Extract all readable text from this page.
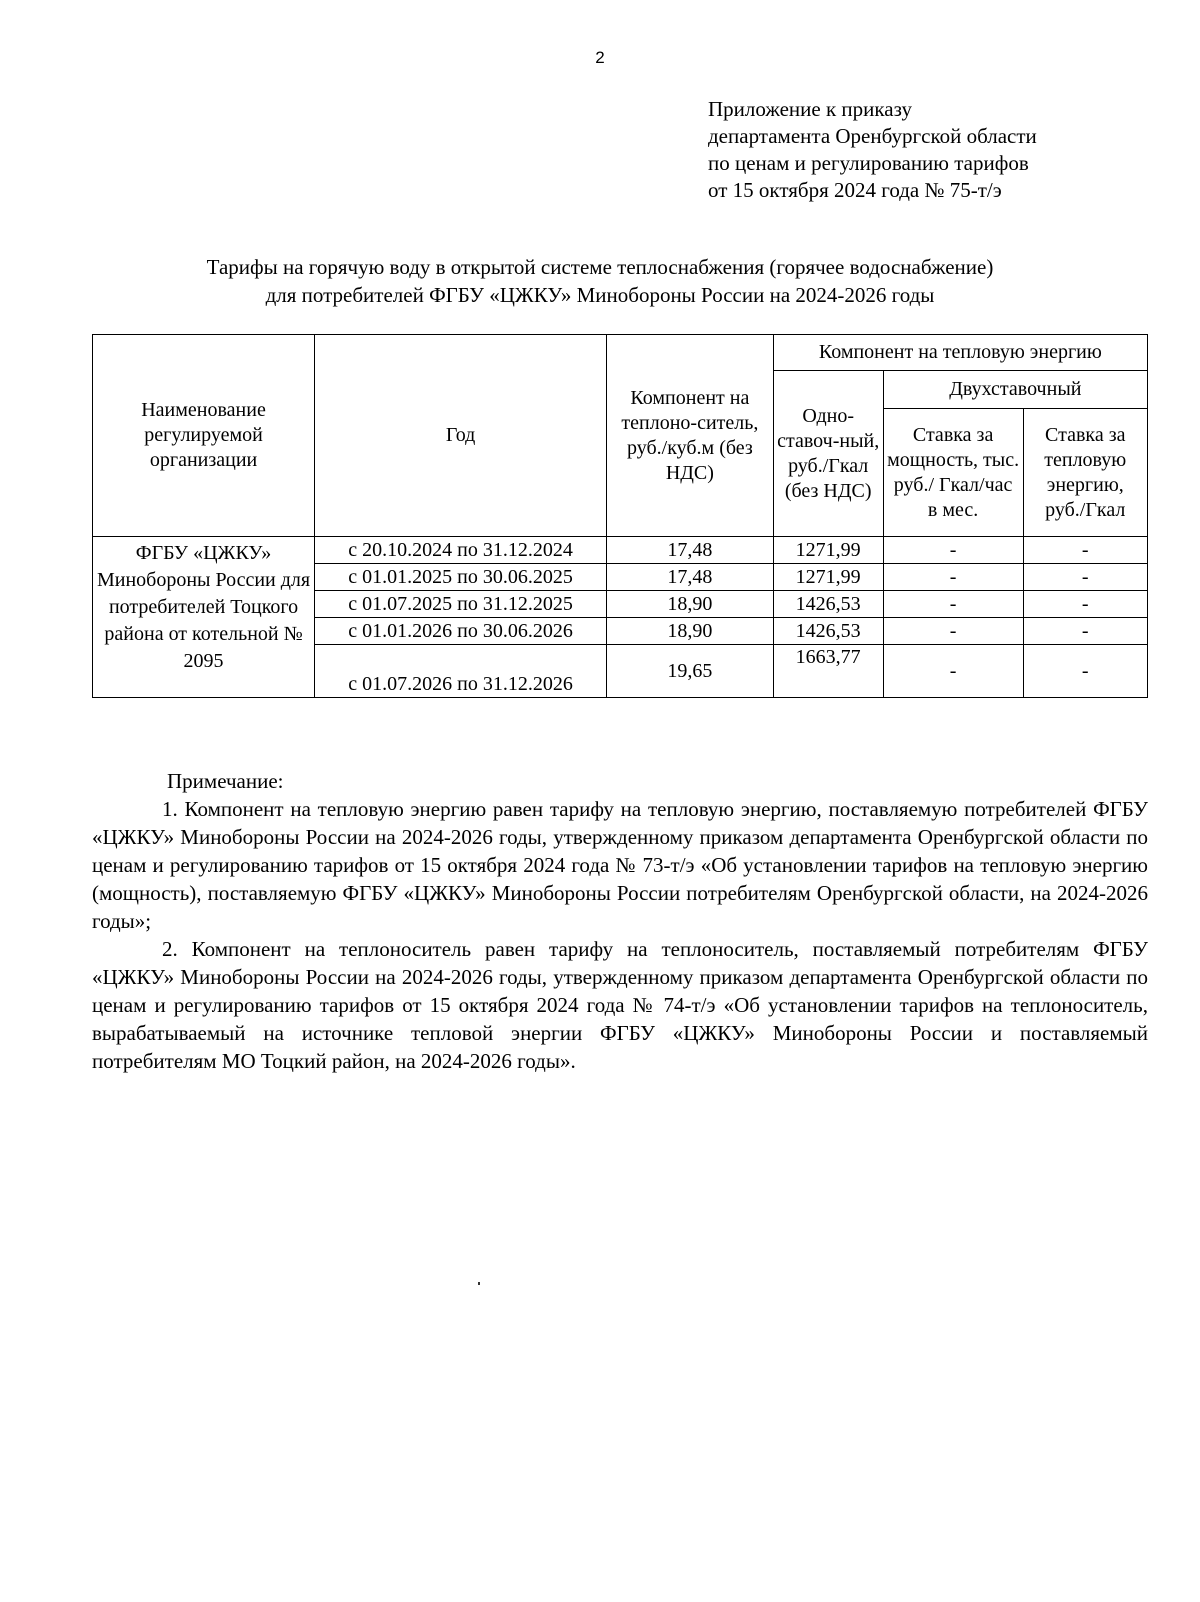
2
Приложение к приказу
департамента Оренбургской области
по ценам и регулированию тарифов
от 15 октября 2024 года № 75-т/э
Тарифы на горячую воду в открытой системе теплоснабжения (горячее водоснабжение)
для потребителей ФГБУ «ЦЖКУ» Минобороны России на 2024-2026 годы
Наименование регулируемой организации	Год	Компонент на теплоно-ситель, руб./куб.м (без НДС)	Компонент на тепловую энергию		
			Одно-ставоч-ный, руб./Гкал (без НДС)	Двухставочный	
				Ставка за мощность, тыс. руб./ Гкал/час в мес.	Ставка за тепловую энергию, руб./Гкал
ФГБУ «ЦЖКУ» Минобороны России для потребителей Тоцкого района от котельной № 2095	с 20.10.2024 по 31.12.2024	17,48	1271,99	-	-
	с 01.01.2025 по 30.06.2025	17,48	1271,99	-	-
	с 01.07.2025 по 31.12.2025	18,90	1426,53	-	-
	с 01.01.2026 по 30.06.2026	18,90	1426,53	-	-
	с 01.07.2026 по 31.12.2026	19,65	1663,77	-	-
Примечание:

1. Компонент на тепловую энергию равен тарифу на тепловую энергию, поставляемую потребителей ФГБУ «ЦЖКУ» Минобороны России на 2024-2026 годы, утвержденному приказом департамента Оренбургской области по ценам и регулированию тарифов от 15 октября 2024 года № 73-т/э «Об установлении тарифов на тепловую энергию (мощность), поставляемую ФГБУ «ЦЖКУ» Минобороны России потребителям Оренбургской области, на 2024-2026 годы»;

2. Компонент на теплоноситель равен тарифу на теплоноситель, поставляемый потребителям ФГБУ «ЦЖКУ» Минобороны России на 2024-2026 годы, утвержденному приказом департамента Оренбургской области по ценам и регулированию тарифов от 15 октября 2024 года № 74-т/э «Об установлении тарифов на теплоноситель, вырабатываемый на источнике тепловой энергии ФГБУ «ЦЖКУ» Минобороны России и поставляемый потребителям МО Тоцкий район, на 2024-2026 годы».
